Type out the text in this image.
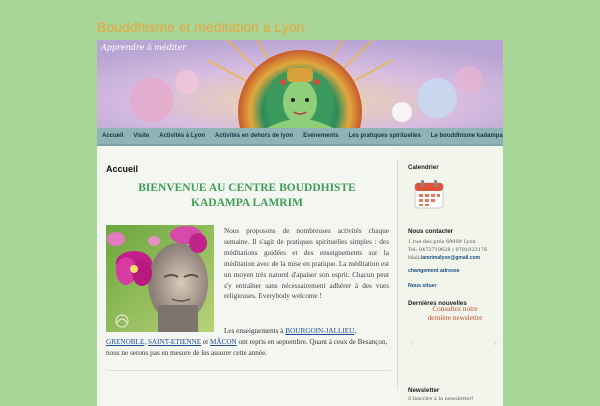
Bouddhisme et méditation à Lyon
Apprendre à méditer
Accueil	Visite	Activités à Lyon	Activités en dehors de lyon	Evénements	Les pratiques spirituelles	Le bouddhisme kadampa
Accueil
BIENVENUE AU CENTRE BOUDDHISTE
KADAMPA LAMRIM
Nous proposons de nombreuses activités chaque semaine. Il s'agit de pratiques spirituelles simples : des méditations guidées et des enseignements sur la méditation avec de la mise en pratique. La méditation est un moyen très naturel d'apaiser son esprit. Chacun peut s'y entraîner sans nécessairement adhérer à des vues religieuses. Everybody welcome !
Les enseignements à BOURGOIN-JALLIEU,
GRENOBLE, SAINT-ETIENNE et MÂCON ont repris en septembre. Quant à ceux de Besançon, nous ne serons pas en mesure de les assurer cette année.
Calendrier
Nous contacter
1 rue des prés 69009 Lyon
Tel: 0472719628 / 0781823176
Mail:lamrimalyon@gmail.com
changement adresse
Nous situer
Dernières nouvelles
Consultez notre
dernière newsletter
‹	›
Newsletter
S'inscrire à la newsletter!
